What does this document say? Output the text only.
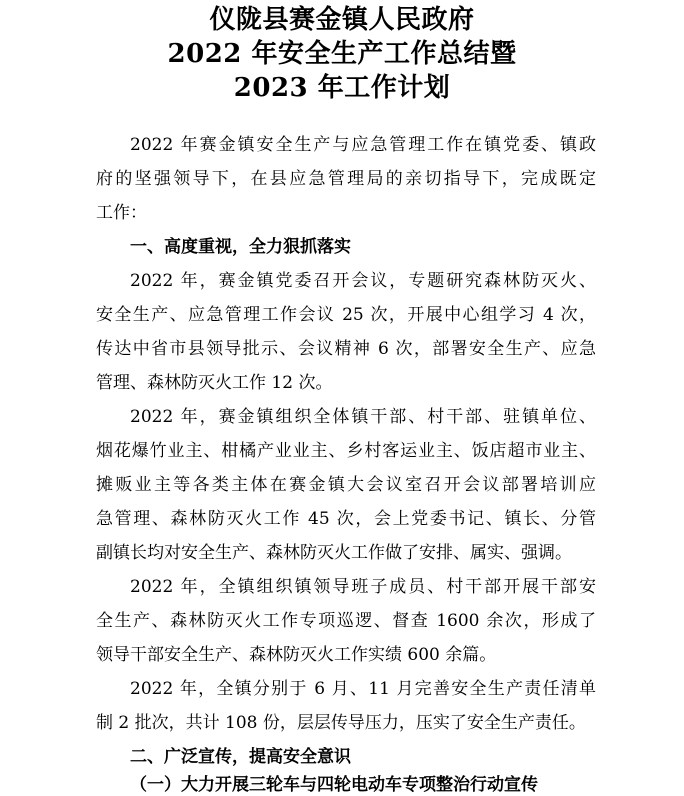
仪陇县赛金镇人民政府
2022 年安全生产工作总结暨
2023 年工作计划
2022 年赛金镇安全生产与应急管理工作在镇党委、镇政
府的坚强领导下，在县应急管理局的亲切指导下，完成既定
工作：
一、高度重视，全力狠抓落实
2022 年，赛金镇党委召开会议，专题研究森林防灭火、
安全生产、应急管理工作会议 25 次，开展中心组学习 4 次，
传达中省市县领导批示、会议精神 6 次，部署安全生产、应急
管理、森林防灭火工作 12 次。
2022 年，赛金镇组织全体镇干部、村干部、驻镇单位、
烟花爆竹业主、柑橘产业业主、乡村客运业主、饭店超市业主、
摊贩业主等各类主体在赛金镇大会议室召开会议部署培训应
急管理、森林防灭火工作 45 次，会上党委书记、镇长、分管
副镇长均对安全生产、森林防灭火工作做了安排、属实、强调。
2022 年，全镇组织镇领导班子成员、村干部开展干部安
全生产、森林防灭火工作专项巡逻、督查 1600 余次，形成了
领导干部安全生产、森林防灭火工作实绩 600 余篇。
2022 年，全镇分别于 6 月、11 月完善安全生产责任清单
制 2 批次，共计 108 份，层层传导压力，压实了安全生产责任。
二、广泛宣传，提高安全意识
（一）大力开展三轮车与四轮电动车专项整治行动宣传
